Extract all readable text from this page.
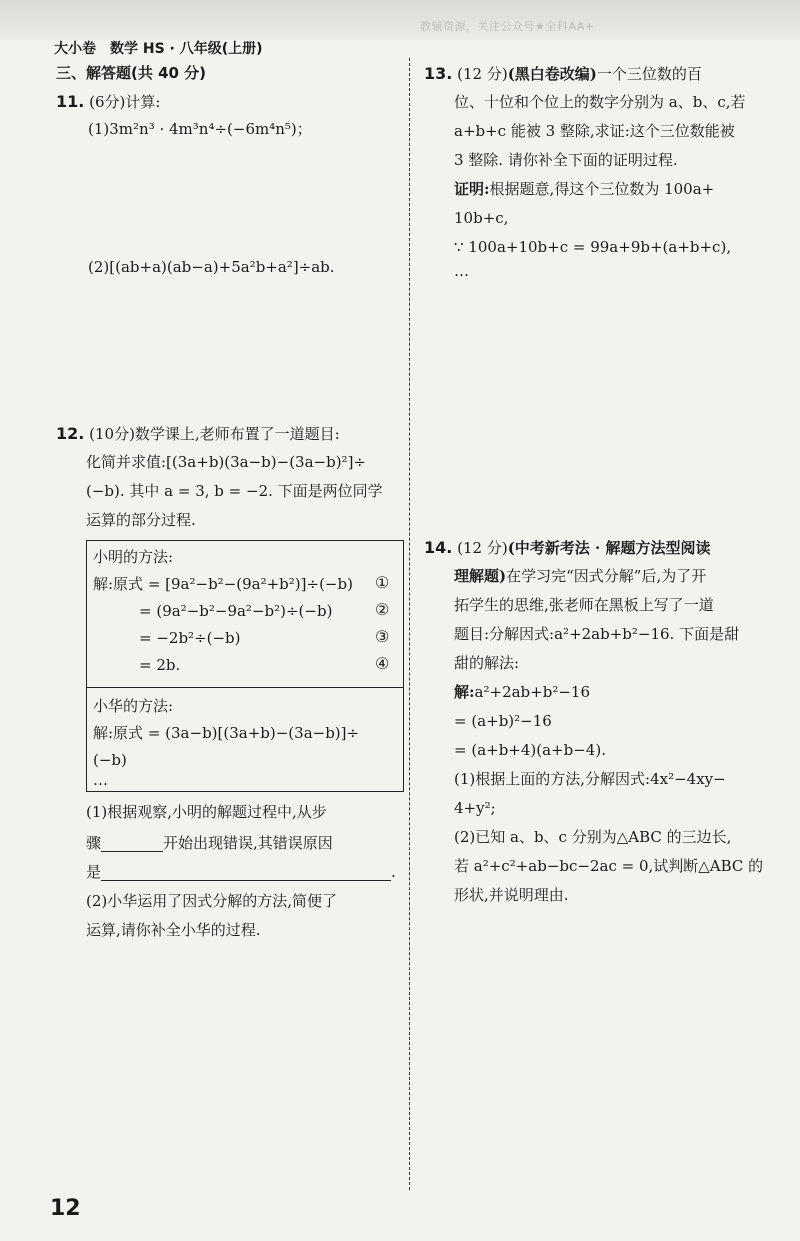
教辅资源，关注公众号★全科AA+
大小卷　数学 HS · 八年级(上册)
三、解答题(共 40 分)
11. (6分)计算:
(1)3m²n³ · 4m³n⁴÷(−6m⁴n⁵)；
(2)[(ab+a)(ab−a)+5a²b+a²]÷ab.
12. (10分)数学课上,老师布置了一道题目:
化简并求值:[(3a+b)(3a−b)−(3a−b)²]÷
(−b). 其中 a = 3, b = −2. 下面是两位同学
运算的部分过程.
小明的方法:
解:原式 = [9a²−b²−(9a²+b²)]÷(−b)
= (9a²−b²−9a²−b²)÷(−b)
= −2b²÷(−b)
= 2b.
①
②
③
④
小华的方法:
解:原式 = (3a−b)[(3a+b)−(3a−b)]÷
(−b)
…
(1)根据观察,小明的解题过程中,从步
骤	开始出现错误,其错误原因
是	.
(2)小华运用了因式分解的方法,简便了
运算,请你补全小华的过程.
13. (12 分)(黑白卷改编)一个三位数的百
位、十位和个位上的数字分别为 a、b、c,若
a+b+c 能被 3 整除,求证:这个三位数能被
3 整除. 请你补全下面的证明过程.
证明:根据题意,得这个三位数为 100a+
10b+c,
∵ 100a+10b+c = 99a+9b+(a+b+c),
…
14. (12 分)(中考新考法 · 解题方法型阅读
理解题)在学习完“因式分解”后,为了开
拓学生的思维,张老师在黑板上写了一道
题目:分解因式:a²+2ab+b²−16. 下面是甜
甜的解法:
解:a²+2ab+b²−16
= (a+b)²−16
= (a+b+4)(a+b−4).
(1)根据上面的方法,分解因式:4x²−4xy−
4+y²;
(2)已知 a、b、c 分别为△ABC 的三边长,
若 a²+c²+ab−bc−2ac = 0,试判断△ABC 的
形状,并说明理由.
12
